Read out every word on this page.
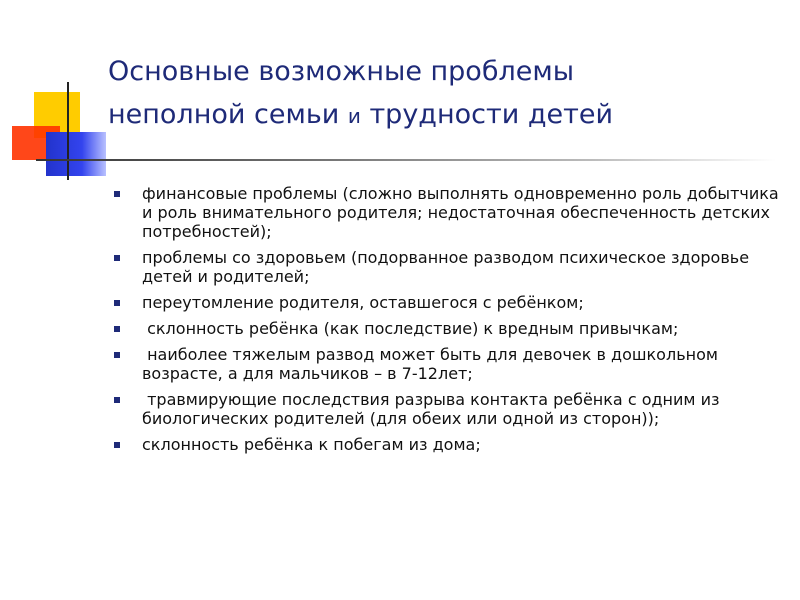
Основные возможные проблемы
неполной семьи и трудности детей
финансовые проблемы (сложно выполнять одновременно роль добытчика и роль внимательного родителя; недостаточная обеспеченность детских потребностей);
проблемы со здоровьем (подорванное разводом психическое здоровье детей и родителей;
переутомление родителя, оставшегося с ребёнком;
склонность ребёнка (как последствие) к вредным привычкам;
наиболее тяжелым развод может быть для девочек в дошкольном возрасте, а для мальчиков – в 7-12лет;
травмирующие последствия разрыва контакта ребёнка с одним из биологических родителей (для обеих или одной из сторон));
склонность ребёнка к побегам из дома;
